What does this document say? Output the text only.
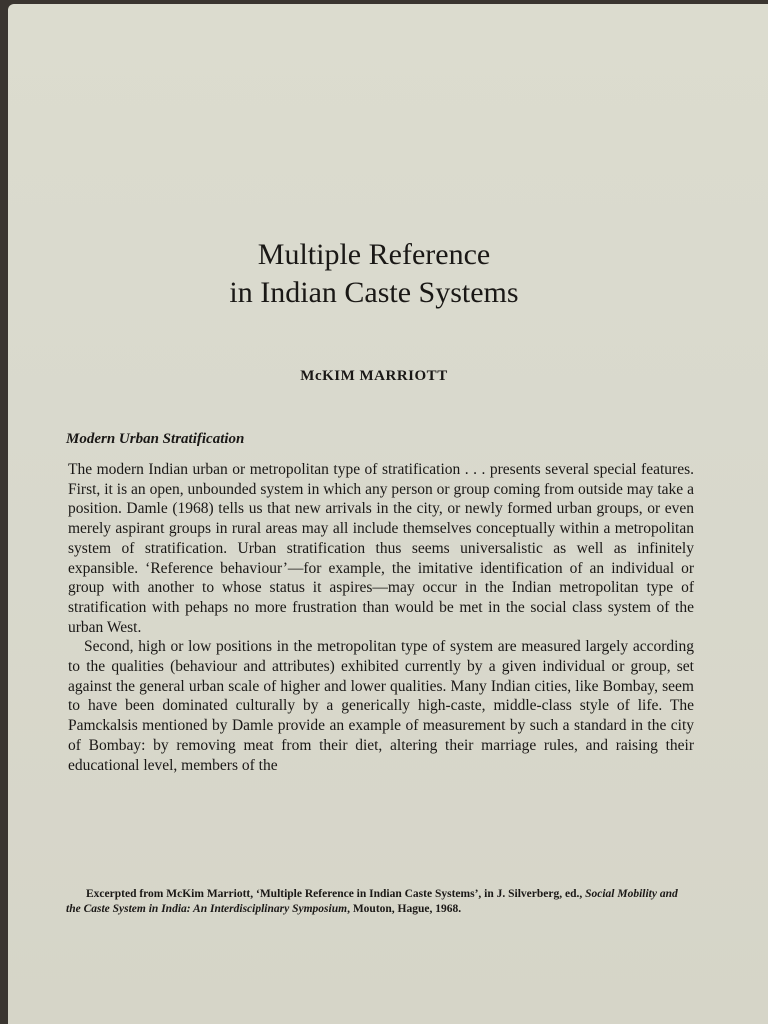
Multiple Reference
in Indian Caste Systems
McKIM MARRIOTT
Modern Urban Stratification

The modern Indian urban or metropolitan type of stratification . . . presents several special features. First, it is an open, unbounded system in which any person or group coming from outside may take a position. Damle (1968) tells us that new arrivals in the city, or newly formed urban groups, or even merely aspirant groups in rural areas may all include themselves conceptually within a metropolitan system of stratification. Urban stratification thus seems universalistic as well as infinitely expansible. ‘Reference behaviour’—for example, the imitative identification of an individual or group with another to whose status it aspires—may occur in the Indian metropolitan type of stratification with pehaps no more frustration than would be met in the social class system of the urban West.

Second, high or low positions in the metropolitan type of system are measured largely according to the qualities (behaviour and attributes) exhibited currently by a given individual or group, set against the general urban scale of higher and lower qualities. Many Indian cities, like Bombay, seem to have been dominated culturally by a generically high-caste, middle-class style of life. The Pamckalsis mentioned by Damle provide an example of measurement by such a standard in the city of Bombay: by removing meat from their diet, altering their marriage rules, and raising their educational level, members of the

Excerpted from McKim Marriott, ‘Multiple Reference in Indian Caste Systems’, in J. Silverberg, ed., Social Mobility and the Caste System in India: An Interdisciplinary Symposium, Mouton, Hague, 1968.
